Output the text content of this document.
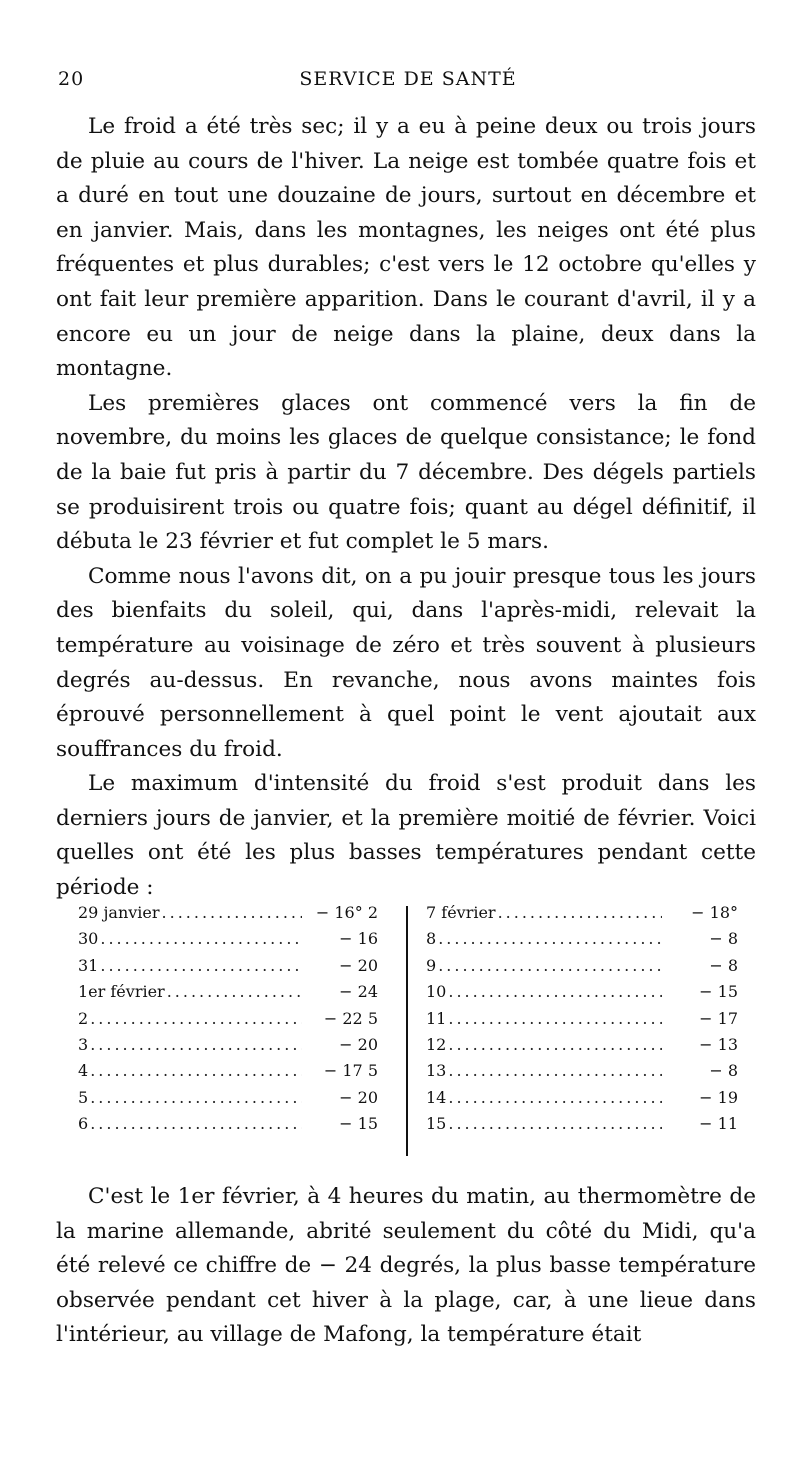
20	SERVICE DE SANTÉ

Le froid a été très sec; il y a eu à peine deux ou trois jours de pluie au cours de l'hiver. La neige est tombée quatre fois et a duré en tout une douzaine de jours, surtout en décembre et en janvier. Mais, dans les montagnes, les neiges ont été plus fréquentes et plus durables; c'est vers le 12 octobre qu'elles y ont fait leur première apparition. Dans le courant d'avril, il y a encore eu un jour de neige dans la plaine, deux dans la montagne.

Les premières glaces ont commencé vers la fin de novembre, du moins les glaces de quelque consistance; le fond de la baie fut pris à partir du 7 décembre. Des dégels partiels se produisirent trois ou quatre fois; quant au dégel définitif, il débuta le 23 février et fut complet le 5 mars.

Comme nous l'avons dit, on a pu jouir presque tous les jours des bienfaits du soleil, qui, dans l'après-midi, relevait la température au voisinage de zéro et très souvent à plusieurs degrés au-dessus. En revanche, nous avons maintes fois éprouvé personnellement à quel point le vent ajoutait aux souffrances du froid.

Le maximum d'intensité du froid s'est produit dans les derniers jours de janvier, et la première moitié de février. Voici quelles ont été les plus basses températures pendant cette période :

29 janvier .....	− 16° 2
30 .....	− 16
31 .....	− 20
1er février .....	− 24
2 .....	− 22 5
3 .....	− 20
4 .....	− 17 5
5 .....	− 20
6 .....	− 15
7 février .....	− 18°
8 .....	− 8
9 .....	− 8
10 .....	− 15
11 .....	− 17
12 .....	− 13
13 .....	− 8
14 .....	− 19
15 .....	− 11

C'est le 1er février, à 4 heures du matin, au thermomètre de la marine allemande, abrité seulement du côté du Midi, qu'a été relevé ce chiffre de − 24 degrés, la plus basse température observée pendant cet hiver à la plage, car, à une lieue dans l'intérieur, au village de Mafong, la température était
